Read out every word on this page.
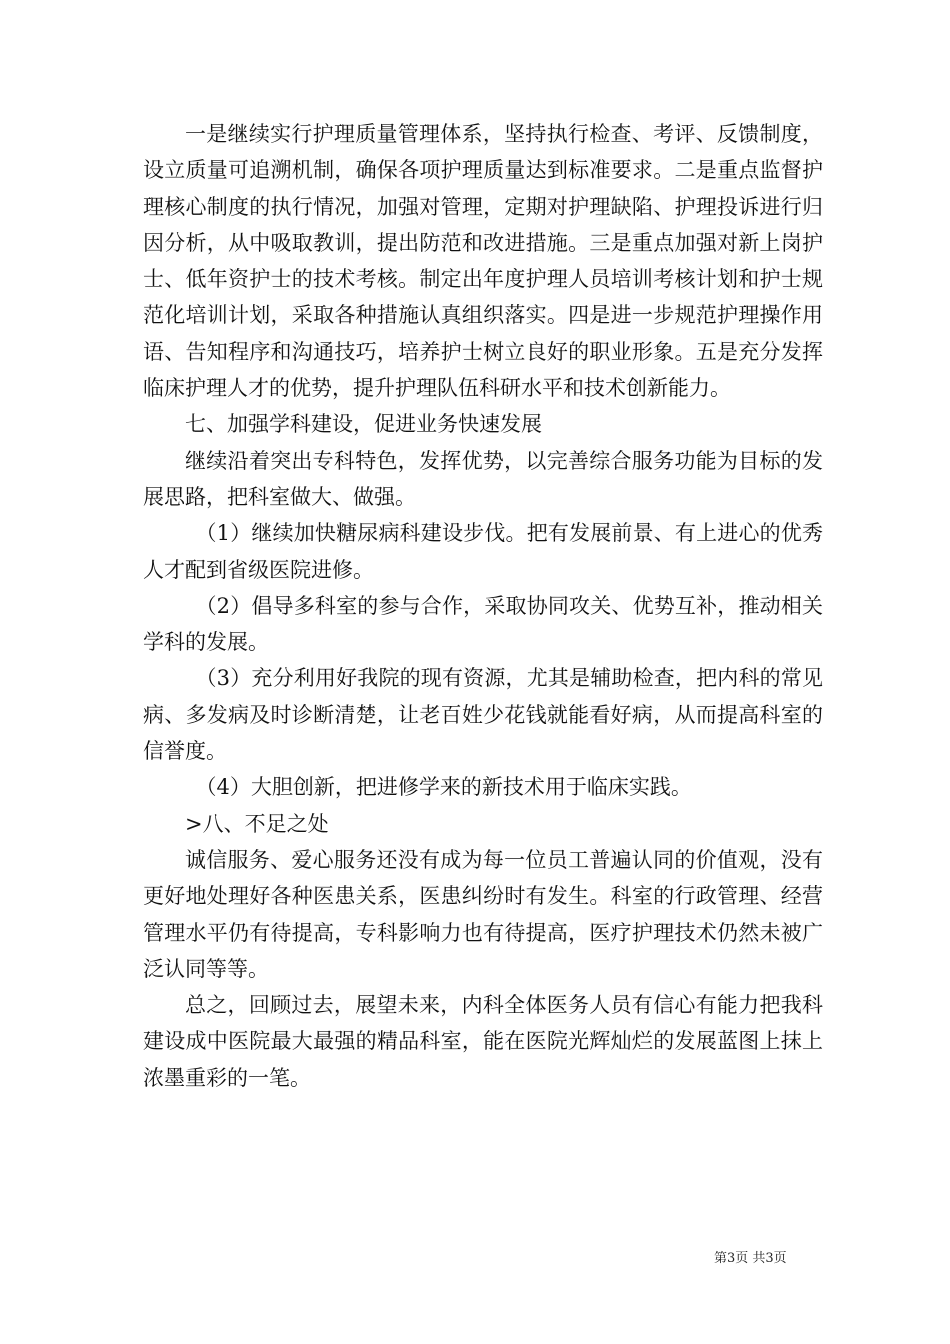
一是继续实行护理质量管理体系，坚持执行检查、考评、反馈制度，设立质量可追溯机制，确保各项护理质量达到标准要求。二是重点监督护理核心制度的执行情况，加强对管理，定期对护理缺陷、护理投诉进行归因分析，从中吸取教训，提出防范和改进措施。三是重点加强对新上岗护士、低年资护士的技术考核。制定出年度护理人员培训考核计划和护士规范化培训计划，采取各种措施认真组织落实。四是进一步规范护理操作用语、告知程序和沟通技巧，培养护士树立良好的职业形象。五是充分发挥临床护理人才的优势，提升护理队伍科研水平和技术创新能力。

七、加强学科建设，促进业务快速发展

继续沿着突出专科特色，发挥优势，以完善综合服务功能为目标的发展思路，把科室做大、做强。

（1）继续加快糖尿病科建设步伐。把有发展前景、有上进心的优秀人才配到省级医院进修。

（2）倡导多科室的参与合作，采取协同攻关、优势互补，推动相关学科的发展。

（3）充分利用好我院的现有资源，尤其是辅助检查，把内科的常见病、多发病及时诊断清楚，让老百姓少花钱就能看好病，从而提高科室的信誉度。

（4）大胆创新，把进修学来的新技术用于临床实践。

>八、不足之处

诚信服务、爱心服务还没有成为每一位员工普遍认同的价值观，没有更好地处理好各种医患关系，医患纠纷时有发生。科室的行政管理、经营管理水平仍有待提高，专科影响力也有待提高，医疗护理技术仍然未被广泛认同等等。

总之，回顾过去，展望未来，内科全体医务人员有信心有能力把我科建设成中医院最大最强的精品科室，能在医院光辉灿烂的发展蓝图上抹上浓墨重彩的一笔。

第3页 共3页
